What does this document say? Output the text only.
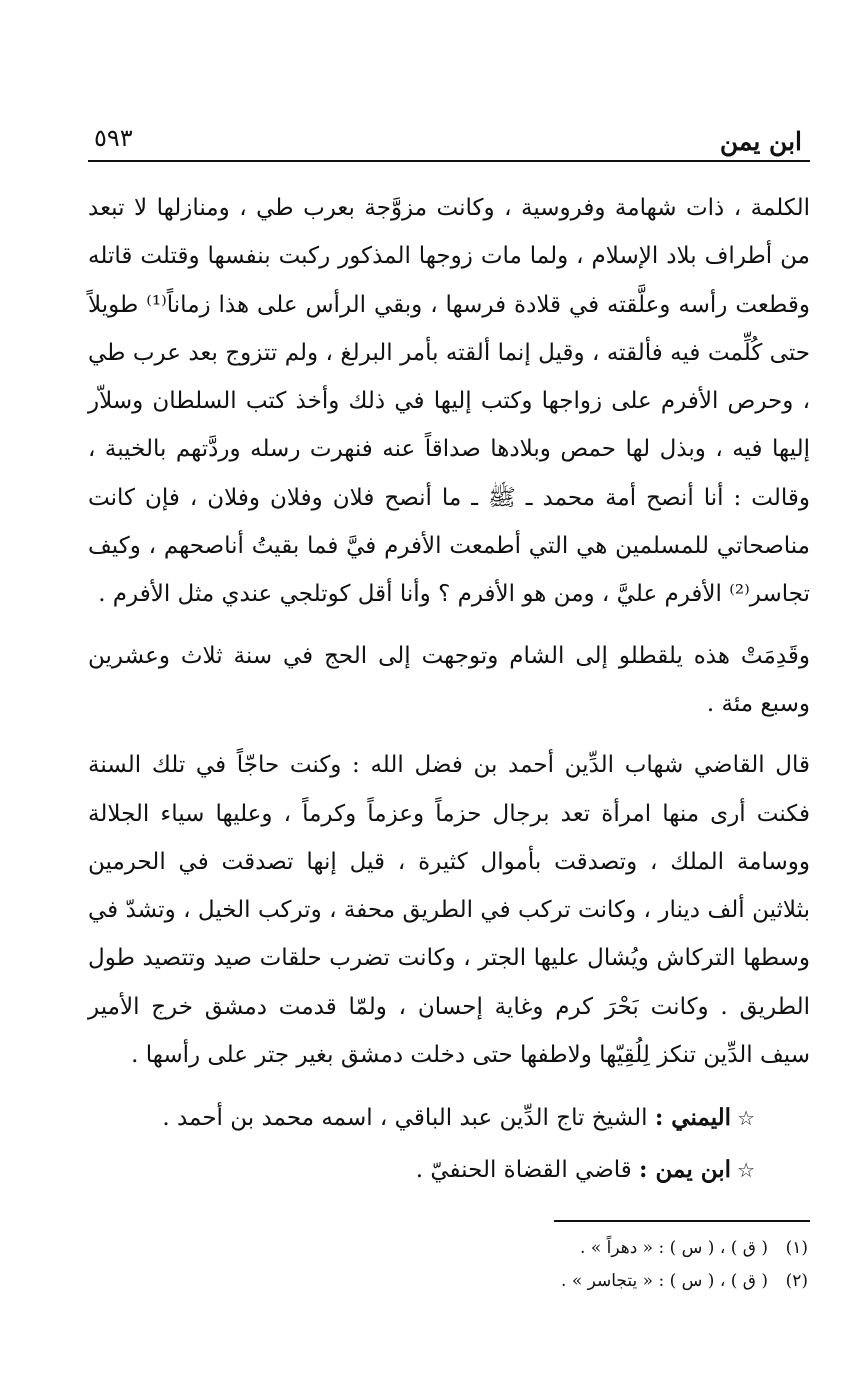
ابن يمن
٥٩٣

الكلمة ، ذات شهامة وفروسية ، وكانت مزوَّجة بعرب طي ، ومنازلها لا تبعد من أطراف بلاد الإسلام ، ولما مات زوجها المذكور ركبت بنفسها وقتلت قاتله وقطعت رأسه وعلَّقته في قلادة فرسها ، وبقي الرأس على هذا زماناً⁽¹⁾ طويلاً حتى كُلِّمت فيه فألقته ، وقيل إنما ألقته بأمر البرلغ ، ولم تتزوج بعد عرب طي ، وحرص الأفرم على زواجها وكتب إليها في ذلك وأخذ كتب السلطان وسلاّر إليها فيه ، وبذل لها حمص وبلادها صداقاً عنه فنهرت رسله وردَّتهم بالخيبة ، وقالت : أنا أنصح أمة محمد ـ ﷺ ـ ما أنصح فلان وفلان وفلان ، فإن كانت مناصحاتي للمسلمين هي التي أطمعت الأفرم فيَّ فما بقيتُ أناصحهم ، وكيف تجاسر⁽²⁾ الأفرم عليَّ ، ومن هو الأفرم ؟ وأنا أقل كوتلجي عندي مثل الأفرم .

وقَدِمَتْ هذه يلقطلو إلى الشام وتوجهت إلى الحج في سنة ثلاث وعشرين وسبع مئة .

قال القاضي شهاب الدِّين أحمد بن فضل الله : وكنت حاجّاً في تلك السنة فكنت أرى منها امرأة تعد برجال حزماً وعزماً وكرماً ، وعليها سياء الجلالة ووسامة الملك ، وتصدقت بأموال كثيرة ، قيل إنها تصدقت في الحرمين بثلاثين ألف دينار ، وكانت تركب في الطريق محفة ، وتركب الخيل ، وتشدّ في وسطها التركاش ويُشال عليها الجتر ، وكانت تضرب حلقات صيد وتتصيد طول الطريق . وكانت بَحْرَ كرم وغاية إحسان ، ولمّا قدمت دمشق خرج الأمير سيف الدِّين تنكز لِلُقِيّها ولاطفها حتى دخلت دمشق بغير جتر على رأسها .

☆اليمني : الشيخ تاج الدِّين عبد الباقي ، اسمه محمد بن أحمد .

☆ابن يمن : قاضي القضاة الحنفيّ .

(١)( ق ) ، ( س ) : « دهراً » .
(٢)( ق ) ، ( س ) : « يتجاسر » .
